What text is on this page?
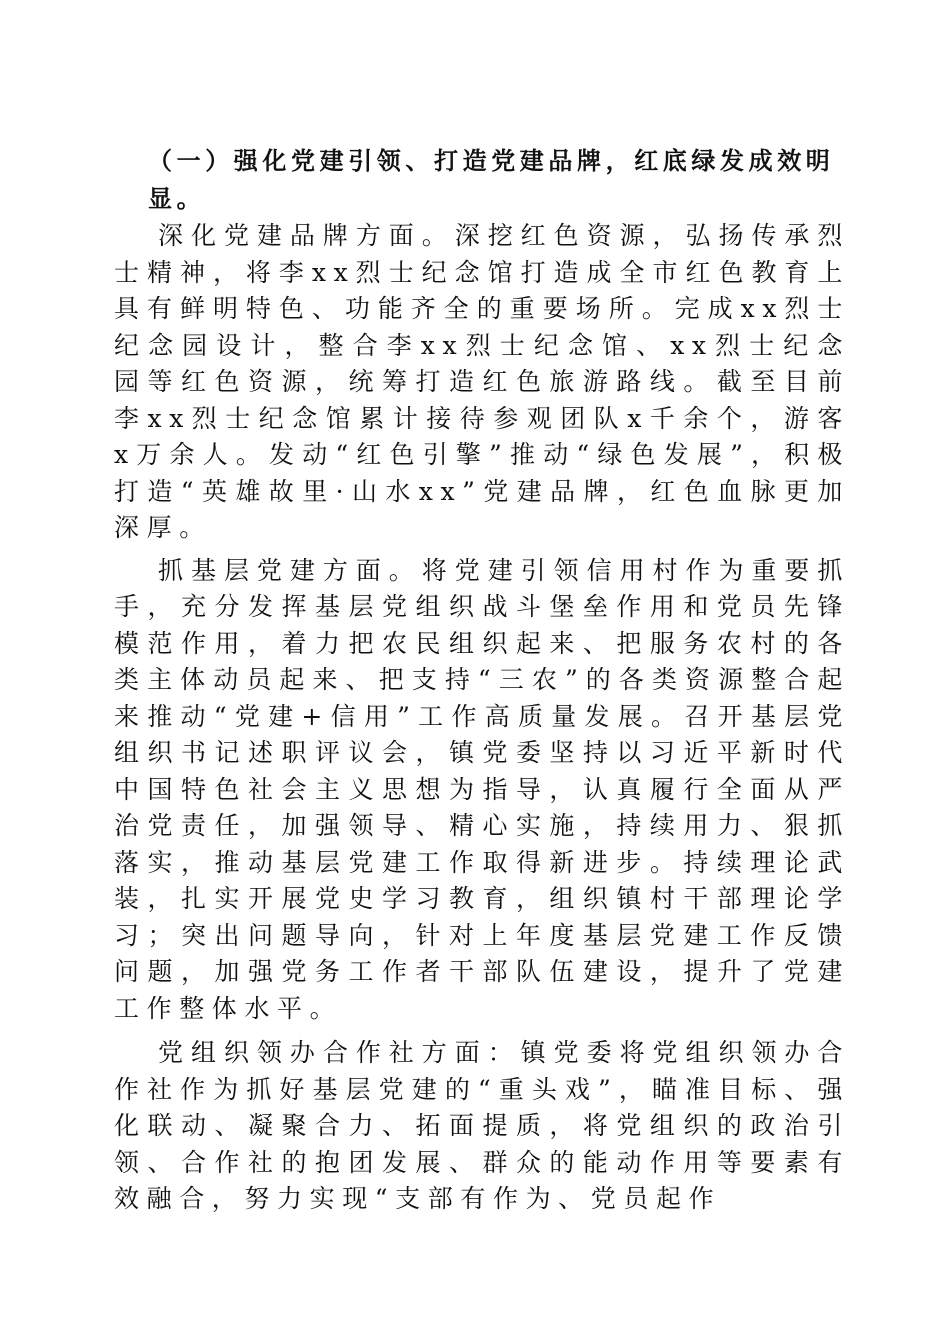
（一）强化党建引领、打造党建品牌，红底绿发成效明显。

深化党建品牌方面。深挖红色资源，弘扬传承烈士精神，将李xx烈士纪念馆打造成全市红色教育上具有鲜明特色、功能齐全的重要场所。完成xx烈士纪念园设计，整合李xx烈士纪念馆、xx烈士纪念园等红色资源，统筹打造红色旅游路线。截至目前李xx烈士纪念馆累计接待参观团队x千余个，游客x万余人。发动“红色引擎”推动“绿色发展”，积极打造“英雄故里·山水xx”党建品牌，红色血脉更加深厚。

抓基层党建方面。将党建引领信用村作为重要抓手，充分发挥基层党组织战斗堡垒作用和党员先锋模范作用，着力把农民组织起来、把服务农村的各类主体动员起来、把支持“三农”的各类资源整合起来推动“党建+信用”工作高质量发展。召开基层党组织书记述职评议会，镇党委坚持以习近平新时代中国特色社会主义思想为指导，认真履行全面从严治党责任，加强领导、精心实施，持续用力、狠抓落实，推动基层党建工作取得新进步。持续理论武装，扎实开展党史学习教育，组织镇村干部理论学习；突出问题导向，针对上年度基层党建工作反馈问题，加强党务工作者干部队伍建设，提升了党建工作整体水平。

党组织领办合作社方面：镇党委将党组织领办合作社作为抓好基层党建的“重头戏”，瞄准目标、强化联动、凝聚合力、拓面提质，将党组织的政治引领、合作社的抱团发展、群众的能动作用等要素有效融合，努力实现“支部有作为、党员起作
